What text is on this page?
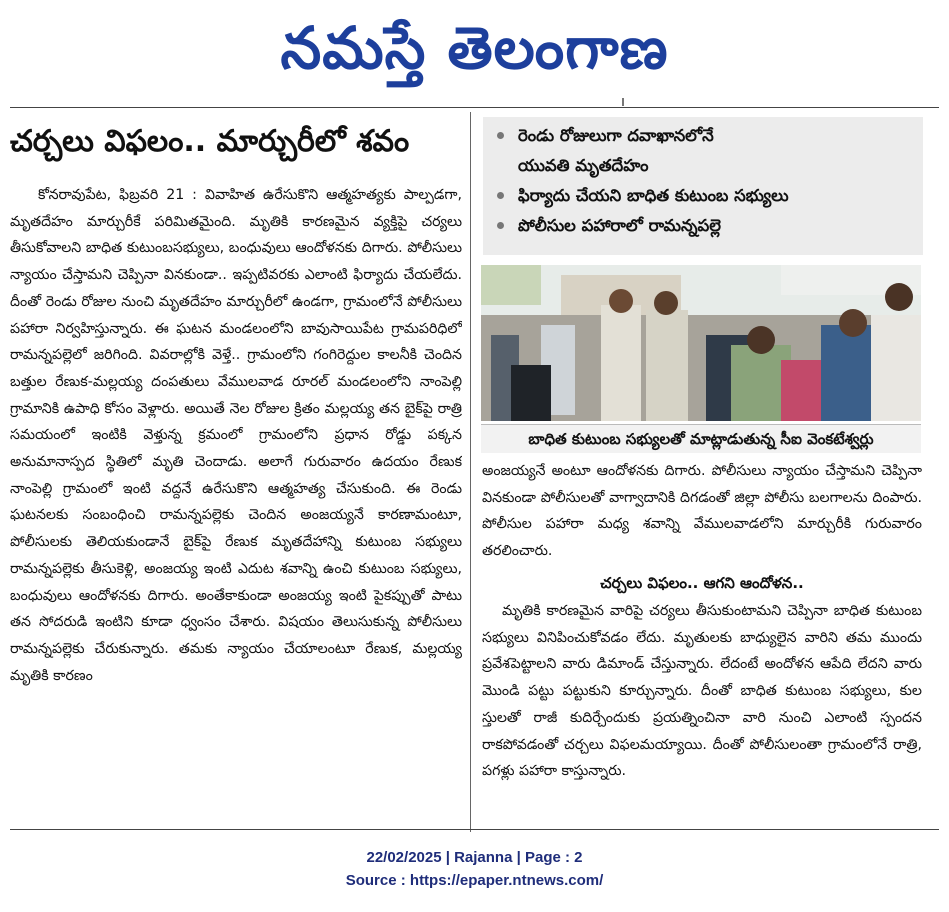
నమస్తే తెలంగాణ
చర్చలు విఫలం.. మార్చురీలో శవం

కోనరావుపేట, ఫిబ్రవరి 21 : వివాహిత ఉరేసుకొని ఆత్మహత్యకు పాల్పడగా, మృతదేహం మార్చురీకే పరిమితమైంది. మృతికి కారణమైన వ్యక్తిపై చర్యలు తీసుకోవాలని బాధిత కుటుంబసభ్యులు, బంధువులు ఆందోళనకు దిగారు. పోలీసులు న్యాయం చేస్తామని చెప్పినా వినకుండా.. ఇప్పటివరకు ఎలాంటి ఫిర్యాదు చేయలేదు. దీంతో రెండు రోజుల నుంచి మృతదేహం మార్చురీలో ఉండగా, గ్రామంలోనే పోలీసులు పహారా నిర్వహిస్తున్నారు. ఈ ఘటన మండలంలోని బావుసాయిపేట గ్రామపరిధిలో రామన్నపల్లెలో జరిగింది. వివరాల్లోకి వెళ్తే.. గ్రామంలోని గంగిరెద్దుల కాలనీకి చెందిన బత్తుల రేణుక-మల్లయ్య దంపతులు వేములవాడ రూరల్ మండలంలోని నాంపెల్లి గ్రామానికి ఉపాధి కోసం వెళ్లారు. అయితే నెల రోజుల క్రితం మల్లయ్య తన బైక్‌పై రాత్రి సమయంలో ఇంటికి వెళ్తున్న క్రమంలో గ్రామంలోని ప్రధాన రోడ్డు పక్కన అనుమానాస్పద స్థితిలో మృతి చెందాడు. అలాగే గురువారం ఉదయం రేణుక నాంపెల్లి గ్రామంలో ఇంటి వద్దనే ఉరేసుకొని ఆత్మహత్య చేసుకుంది. ఈ రెండు ఘటనలకు సంబంధించి రామన్నపల్లెకు చెందిన అంజయ్యనే కారణామంటూ, పోలీసులకు తెలియకుండానే బైక్‌పై రేణుక మృతదేహాన్ని కుటుంబ సభ్యులు రామన్నపల్లెకు తీసుకెళ్లి, అంజయ్య ఇంటి ఎదుట శవాన్ని ఉంచి కుటుంబ సభ్యులు, బంధువులు ఆందోళనకు దిగారు. అంతేకాకుండా అంజయ్య ఇంటి పైకప్పుతో పాటు తన సోదరుడి ఇంటిని కూడా ధ్వంసం చేశారు. విషయం తెలుసుకున్న పోలీసులు రామన్నపల్లెకు చేరుకున్నారు. తమకు న్యాయం చేయాలంటూ రేణుక, మల్లయ్య మృతికి కారణం

రెండు రోజులుగా దవాఖానలోనే
యువతి మృతదేహం
ఫిర్యాదు చేయని బాధిత కుటుంబ సభ్యులు
పోలీసుల పహారాలో రామన్నపల్లె
బాధిత కుటుంబ సభ్యులతో మాట్లాడుతున్న సీఐ వెంకటేశ్వర్లు

అంజయ్యనే అంటూ ఆందోళనకు దిగారు. పోలీసులు న్యాయం చేస్తామని చెప్పినా వినకుండా పోలీసులతో వాగ్వాదానికి దిగడంతో జిల్లా పోలీసు బలగాలను దింపారు. పోలీసుల పహారా మధ్య శవాన్ని వేములవాడలోని మార్చురీకి గురువారం తరలించారు.

చర్చలు విఫలం.. ఆగని ఆందోళన..

మృతికి కారణమైన వారిపై చర్యలు తీసుకుంటామని చెప్పినా బాధిత కుటుంబ సభ్యులు వినిపించుకోవడం లేదు. మృతులకు బాధ్యులైన వారిని తమ ముందు ప్రవేశపెట్టాలని వారు డిమాండ్ చేస్తున్నారు. లేదంటే అందోళన ఆపేది లేదని వారు మొండి పట్టు పట్టుకుని కూర్చున్నారు. దీంతో బాధిత కుటుంబ సభ్యులు, కుల స్తులతో రాజీ కుదిర్చేందుకు ప్రయత్నించినా వారి నుంచి ఎలాంటి స్పందన రాకపోవడంతో చర్చలు విఫలమయ్యాయి. దీంతో పోలీసులంతా గ్రామంలోనే రాత్రి, పగళ్లు పహారా కాస్తున్నారు.

22/02/2025 | Rajanna | Page : 2
Source : https://epaper.ntnews.com/
